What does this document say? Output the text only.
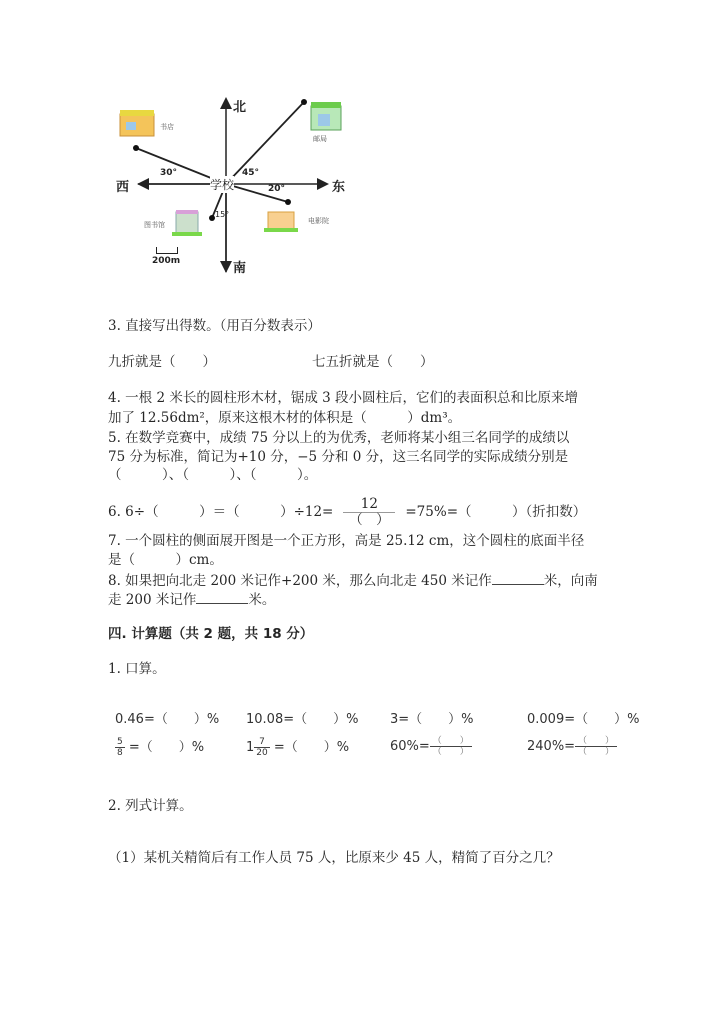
北
南
东
西	学校
书店
邮局
图书馆	电影院
30°	45°
20°
15°
200m
3. 直接写出得数。（用百分数表示）
九折就是（　　）	七五折就是（　　）
4. 一根 2 米长的圆柱形木材，锯成 3 段小圆柱后，它们的表面积总和比原来增
加了 12.56dm²，原来这根木材的体积是（　　　）dm³。
5. 在数学竞赛中，成绩 75 分以上的为优秀，老师将某小组三名同学的成绩以
75 分为标准，简记为+10 分，−5 分和 0 分，这三名同学的实际成绩分别是
（　　　）、（　　　）、（　　　）。
6. 6÷（　　　）＝（　　　）$\div 12= \frac{12}{( )} =75\%=$（　　　）（折扣数）
7. 一个圆柱的侧面展开图是一个正方形，高是 25.12 cm，这个圆柱的底面半径
是（　　　）cm。
8. 如果把向北走 200 米记作+200 米，那么向北走 450 米记作	米，向南
走 200 米记作	米。
四. 计算题（共 2 题，共 18 分）
1. 口算。
0.46=（　　）% 10.08=（　　）% 3=（　　）%	0.009=（　　）%
$\frac{5}{8}$ =（　　）%	$1 \frac{7}{20}$ =（　　）%	$60\%= \frac{( )}{( )}$	$240\%= \frac{( )}{( )}$
2. 列式计算。
（1）某机关精简后有工作人员 75 人，比原来少 45 人，精简了百分之几？
